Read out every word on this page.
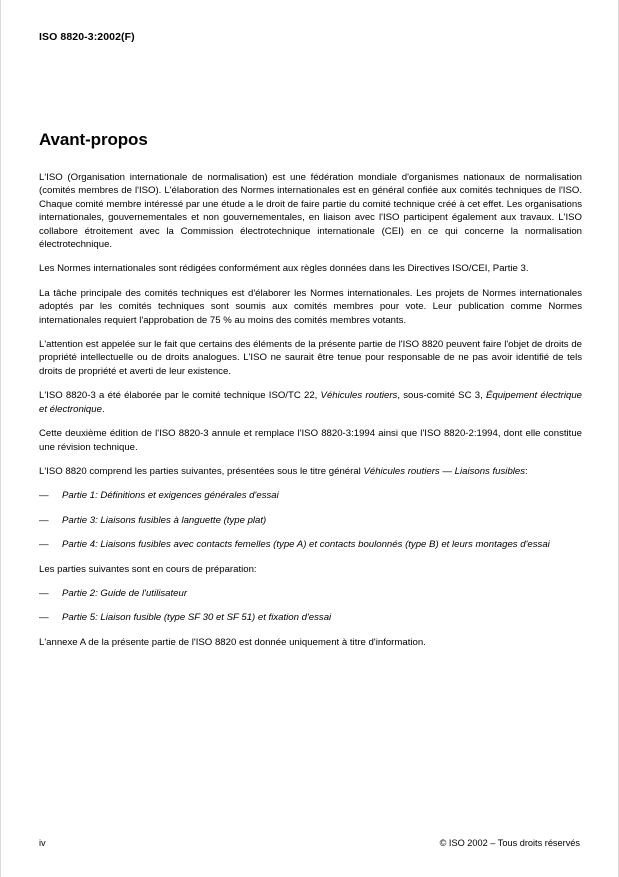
ISO 8820-3:2002(F)
Avant-propos

L'ISO (Organisation internationale de normalisation) est une fédération mondiale d'organismes nationaux de normalisation (comités membres de l'ISO). L'élaboration des Normes internationales est en général confiée aux comités techniques de l'ISO. Chaque comité membre intéressé par une étude a le droit de faire partie du comité technique créé à cet effet. Les organisations internationales, gouvernementales et non gouvernementales, en liaison avec l'ISO participent également aux travaux. L'ISO collabore étroitement avec la Commission électrotechnique internationale (CEI) en ce qui concerne la normalisation électrotechnique.

Les Normes internationales sont rédigées conformément aux règles données dans les Directives ISO/CEI, Partie 3.

La tâche principale des comités techniques est d'élaborer les Normes internationales. Les projets de Normes internationales adoptés par les comités techniques sont soumis aux comités membres pour vote. Leur publication comme Normes internationales requiert l'approbation de 75 % au moins des comités membres votants.

L'attention est appelée sur le fait que certains des éléments de la présente partie de l'ISO 8820 peuvent faire l'objet de droits de propriété intellectuelle ou de droits analogues. L'ISO ne saurait être tenue pour responsable de ne pas avoir identifié de tels droits de propriété et averti de leur existence.

L'ISO 8820-3 a été élaborée par le comité technique ISO/TC 22, Véhicules routiers, sous-comité SC 3, Équipement électrique et électronique.

Cette deuxième édition de l'ISO 8820-3 annule et remplace l'ISO 8820-3:1994 ainsi que l'ISO 8820-2:1994, dont elle constitue une révision technique.

L'ISO 8820 comprend les parties suivantes, présentées sous le titre général Véhicules routiers — Liaisons fusibles:

— Partie 1: Définitions et exigences générales d'essai
— Partie 3: Liaisons fusibles à languette (type plat)
— Partie 4: Liaisons fusibles avec contacts femelles (type A) et contacts boulonnés (type B) et leurs montages d'essai

Les parties suivantes sont en cours de préparation:

— Partie 2: Guide de l'utilisateur
— Partie 5: Liaison fusible (type SF 30 et SF 51) et fixation d'essai

L'annexe A de la présente partie de l'ISO 8820 est donnée uniquement à titre d'information.

iv	© ISO 2002 – Tous droits réservés
